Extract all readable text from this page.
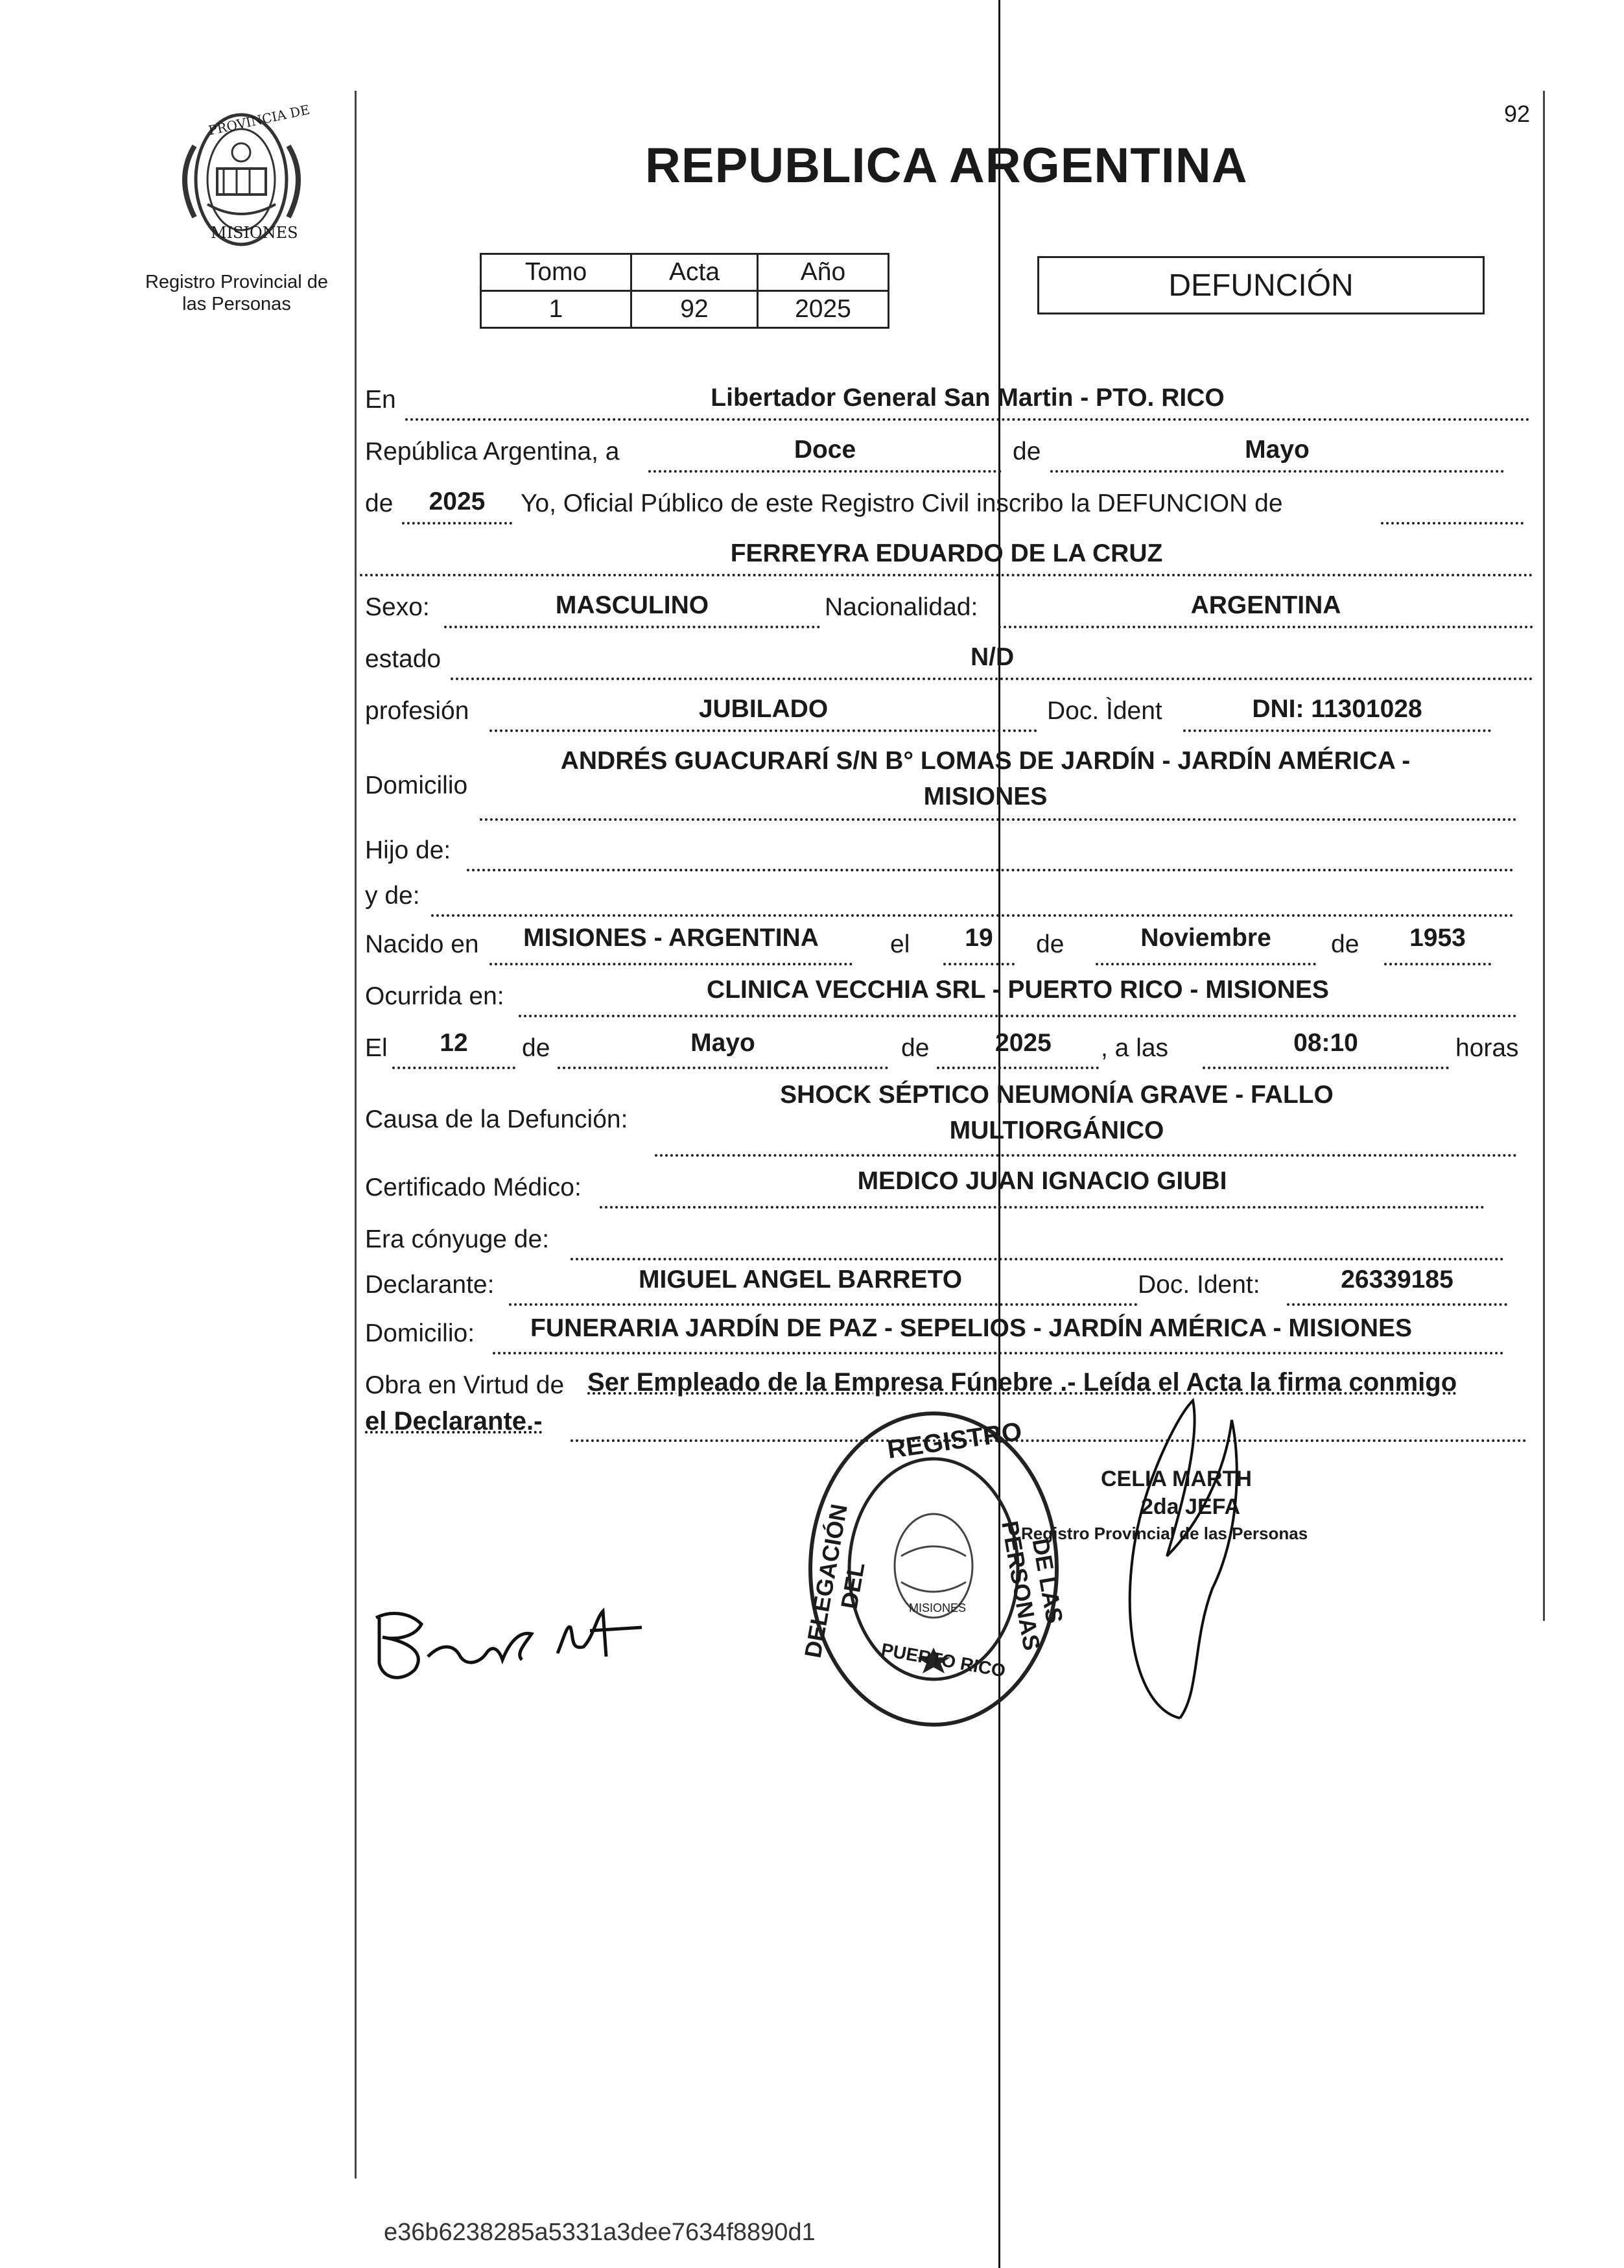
92
PROVINCIA DE
MISIONES
Registro Provincial de
las Personas
REPUBLICA ARGENTINA
Tomo	Acta	Año
1	92	2025
DEFUNCIÓN
En	Libertador General San Martin - PTO. RICO
República Argentina, a	Doce	de	Mayo
de	2025	Yo, Oficial Público de este Registro Civil inscribo la DEFUNCION de
FERREYRA EDUARDO DE LA CRUZ
Sexo:	MASCULINO	Nacionalidad:	ARGENTINA
estado	N/D
profesión	JUBILADO	Doc. Ìdent	DNI: 11301028
Domicilio
ANDRÉS GUACURARÍ S/N B° LOMAS DE JARDÍN - JARDÍN AMÉRICA -
MISIONES
Hijo de:
y de:
Nacido en	MISIONES - ARGENTINA	el	19	de	Noviembre	de	1953
Ocurrida en:	CLINICA VECCHIA SRL - PUERTO RICO - MISIONES
El	12	de	Mayo	de	2025 , a las	08:10	horas
Causa de la Defunción:
SHOCK SÉPTICO NEUMONÍA GRAVE - FALLO
MULTIORGÁNICO
Certificado Médico:	MEDICO JUAN IGNACIO GIUBI
Era cónyuge de:
Declarante:	MIGUEL ANGEL BARRETO	Doc. Ident:	26339185
Domicilio: FUNERARIA JARDÍN DE PAZ - SEPELIOS - JARDÍN AMÉRICA - MISIONES
Obra en Virtud de Ser Empleado de la Empresa Fúnebre .- Leída el Acta la firma conmigo
el Declarante.-	REGISTRO
DELEGACIÓN DEL	DE LAS PERSONAS
PUERTO RICO
MISIONES
CELIA MARTH
2da JEFA
Registro Provincial de las Personas
e36b6238285a5331a3dee7634f8890d1
